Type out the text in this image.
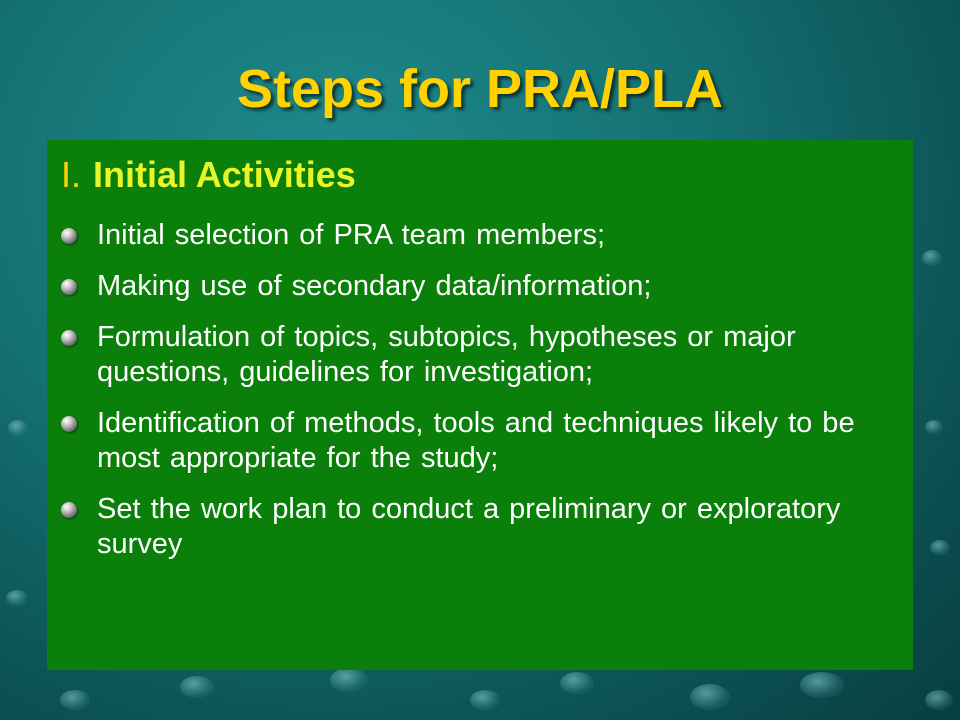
Steps for PRA/PLA
I. Initial Activities
Initial selection of PRA team members;
Making use of secondary data/information;
Formulation of topics, subtopics, hypotheses or major questions, guidelines for investigation;
Identification of methods, tools and techniques likely to be most appropriate for the study;
Set the work plan to conduct a preliminary or exploratory survey
